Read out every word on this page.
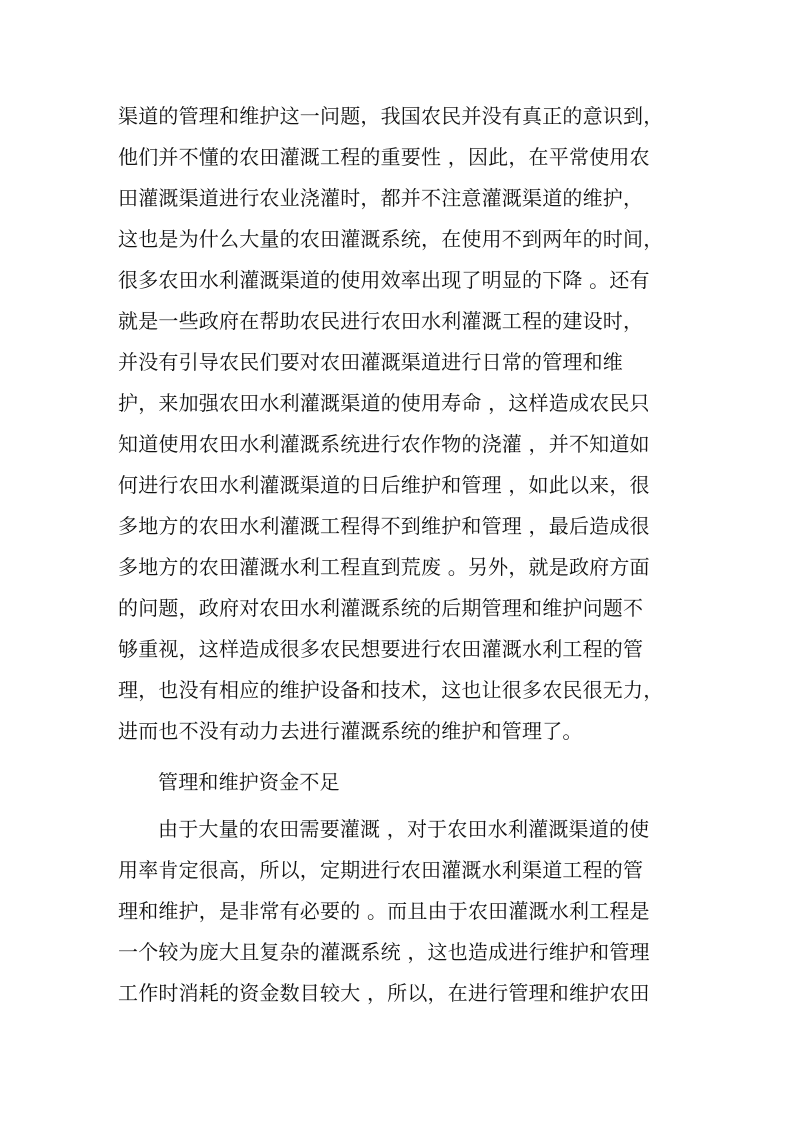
渠道的管理和维护这一问题，我国农民并没有真正的意识到，
他们并不懂的农田灌溉工程的重要性 ，因此，在平常使用农
田灌溉渠道进行农业浇灌时，都并不注意灌溉渠道的维护，
这也是为什么大量的农田灌溉系统，在使用不到两年的时间，
很多农田水利灌溉渠道的使用效率出现了明显的下降 。还有
就是一些政府在帮助农民进行农田水利灌溉工程的建设时，
并没有引导农民们要对农田灌溉渠道进行日常的管理和维
护，来加强农田水利灌溉渠道的使用寿命 ，这样造成农民只
知道使用农田水利灌溉系统进行农作物的浇灌 ，并不知道如
何进行农田水利灌溉渠道的日后维护和管理 ，如此以来，很
多地方的农田水利灌溉工程得不到维护和管理 ，最后造成很
多地方的农田灌溉水利工程直到荒废 。另外，就是政府方面
的问题，政府对农田水利灌溉系统的后期管理和维护问题不
够重视，这样造成很多农民想要进行农田灌溉水利工程的管
理，也没有相应的维护设备和技术，这也让很多农民很无力，
进而也不没有动力去进行灌溉系统的维护和管理了。
管理和维护资金不足
由于大量的农田需要灌溉 ，对于农田水利灌溉渠道的使
用率肯定很高，所以，定期进行农田灌溉水利渠道工程的管
理和维护，是非常有必要的 。而且由于农田灌溉水利工程是
一个较为庞大且复杂的灌溉系统 ，这也造成进行维护和管理
工作时消耗的资金数目较大 ，所以，在进行管理和维护农田
